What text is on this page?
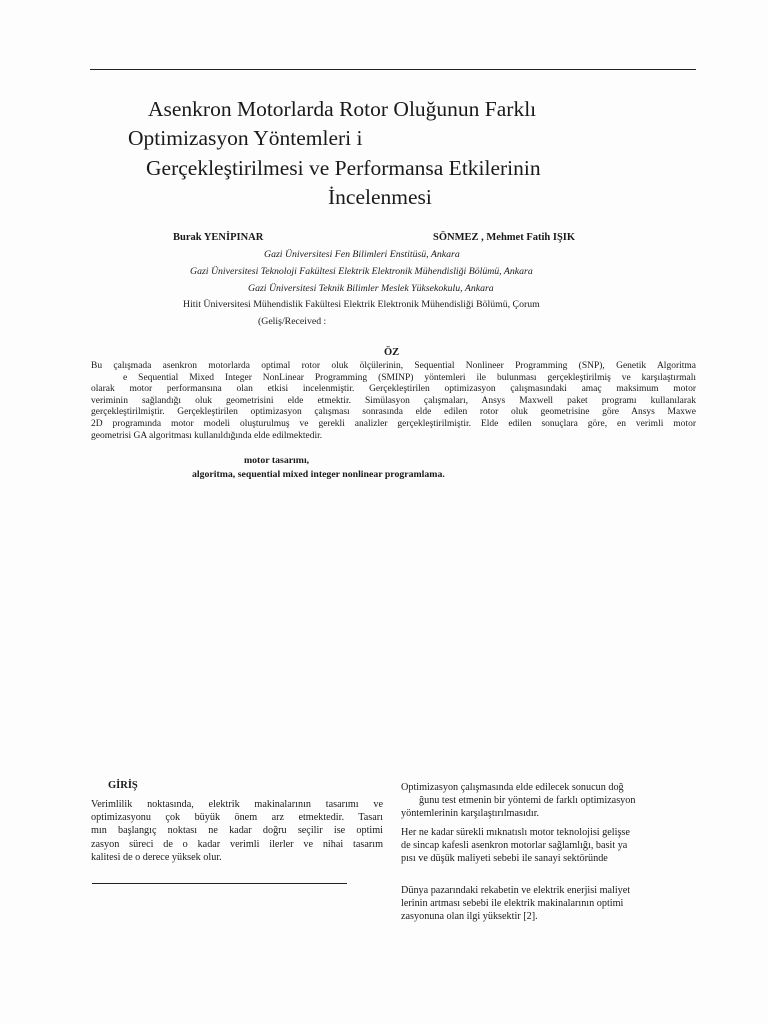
Asenkron Motorlarda Rotor Oluğunun Farklı
Optimizasyon Yöntemleri i
Gerçekleştirilmesi ve Performansa Etkilerinin
İncelenmesi
Burak YENİPINAR	SÖNMEZ , Mehmet Fatih IŞIK
Gazi Üniversitesi Fen Bilimleri Enstitüsü, Ankara
Gazi Üniversitesi Teknoloji Fakültesi Elektrik Elektronik Mühendisliği Bölümü, Ankara
Gazi Üniversitesi Teknik Bilimler Meslek Yüksekokulu, Ankara
Hitit Üniversitesi Mühendislik Fakültesi Elektrik Elektronik Mühendisliği Bölümü, Çorum
(Geliş/Received :
ÖZ
Bu çalışmada asenkron motorlarda optimal rotor oluk ölçülerinin, Sequential Nonlineer Programming (SNP), Genetik Algoritma
e Sequential Mixed Integer NonLinear Programming (SMINP) yöntemleri ile bulunması gerçekleştirilmiş ve karşılaştırmalı
olarak motor performansına olan etkisi incelenmiştir. Gerçekleştirilen optimizasyon çalışmasındaki amaç maksimum motor
veriminin sağlandığı oluk geometrisini elde etmektir. Simülasyon çalışmaları, Ansys Maxwell paket programı kullanılarak
gerçekleştirilmiştir. Gerçekleştirilen optimizasyon çalışması sonrasında elde edilen rotor oluk geometrisine göre Ansys Maxwe
2D programında motor modeli oluşturulmuş ve gerekli analizler gerçekleştirilmiştir. Elde edilen sonuçlara göre, en verimli motor
geometrisi GA algoritması kullanıldığında elde edilmektedir.
motor tasarımı,
algoritma, sequential mixed integer nonlinear programlama.
GİRİŞ
Verimlilik noktasında, elektrik makinalarının tasarımı ve
optimizasyonu çok büyük önem arz etmektedir. Tasarı
mın başlangıç noktası ne kadar doğru seçilir ise optimi
zasyon süreci de o kadar verimli ilerler ve nihai tasarım
kalitesi de o derece yüksek olur.
Optimizasyon çalışmasında elde edilecek sonucun doğ
ğunu test etmenin bir yöntemi de farklı optimizasyon
yöntemlerinin karşılaştırılmasıdır.
Her ne kadar sürekli mıknatıslı motor teknolojisi gelişse
de sincap kafesli asenkron motorlar sağlamlığı, basit ya
pısı ve düşük maliyeti sebebi ile sanayi sektöründe
Dünya pazarındaki rekabetin ve elektrik enerjisi maliyet
lerinin artması sebebi ile elektrik makinalarının optimi
zasyonuna olan ilgi yüksektir [2].
